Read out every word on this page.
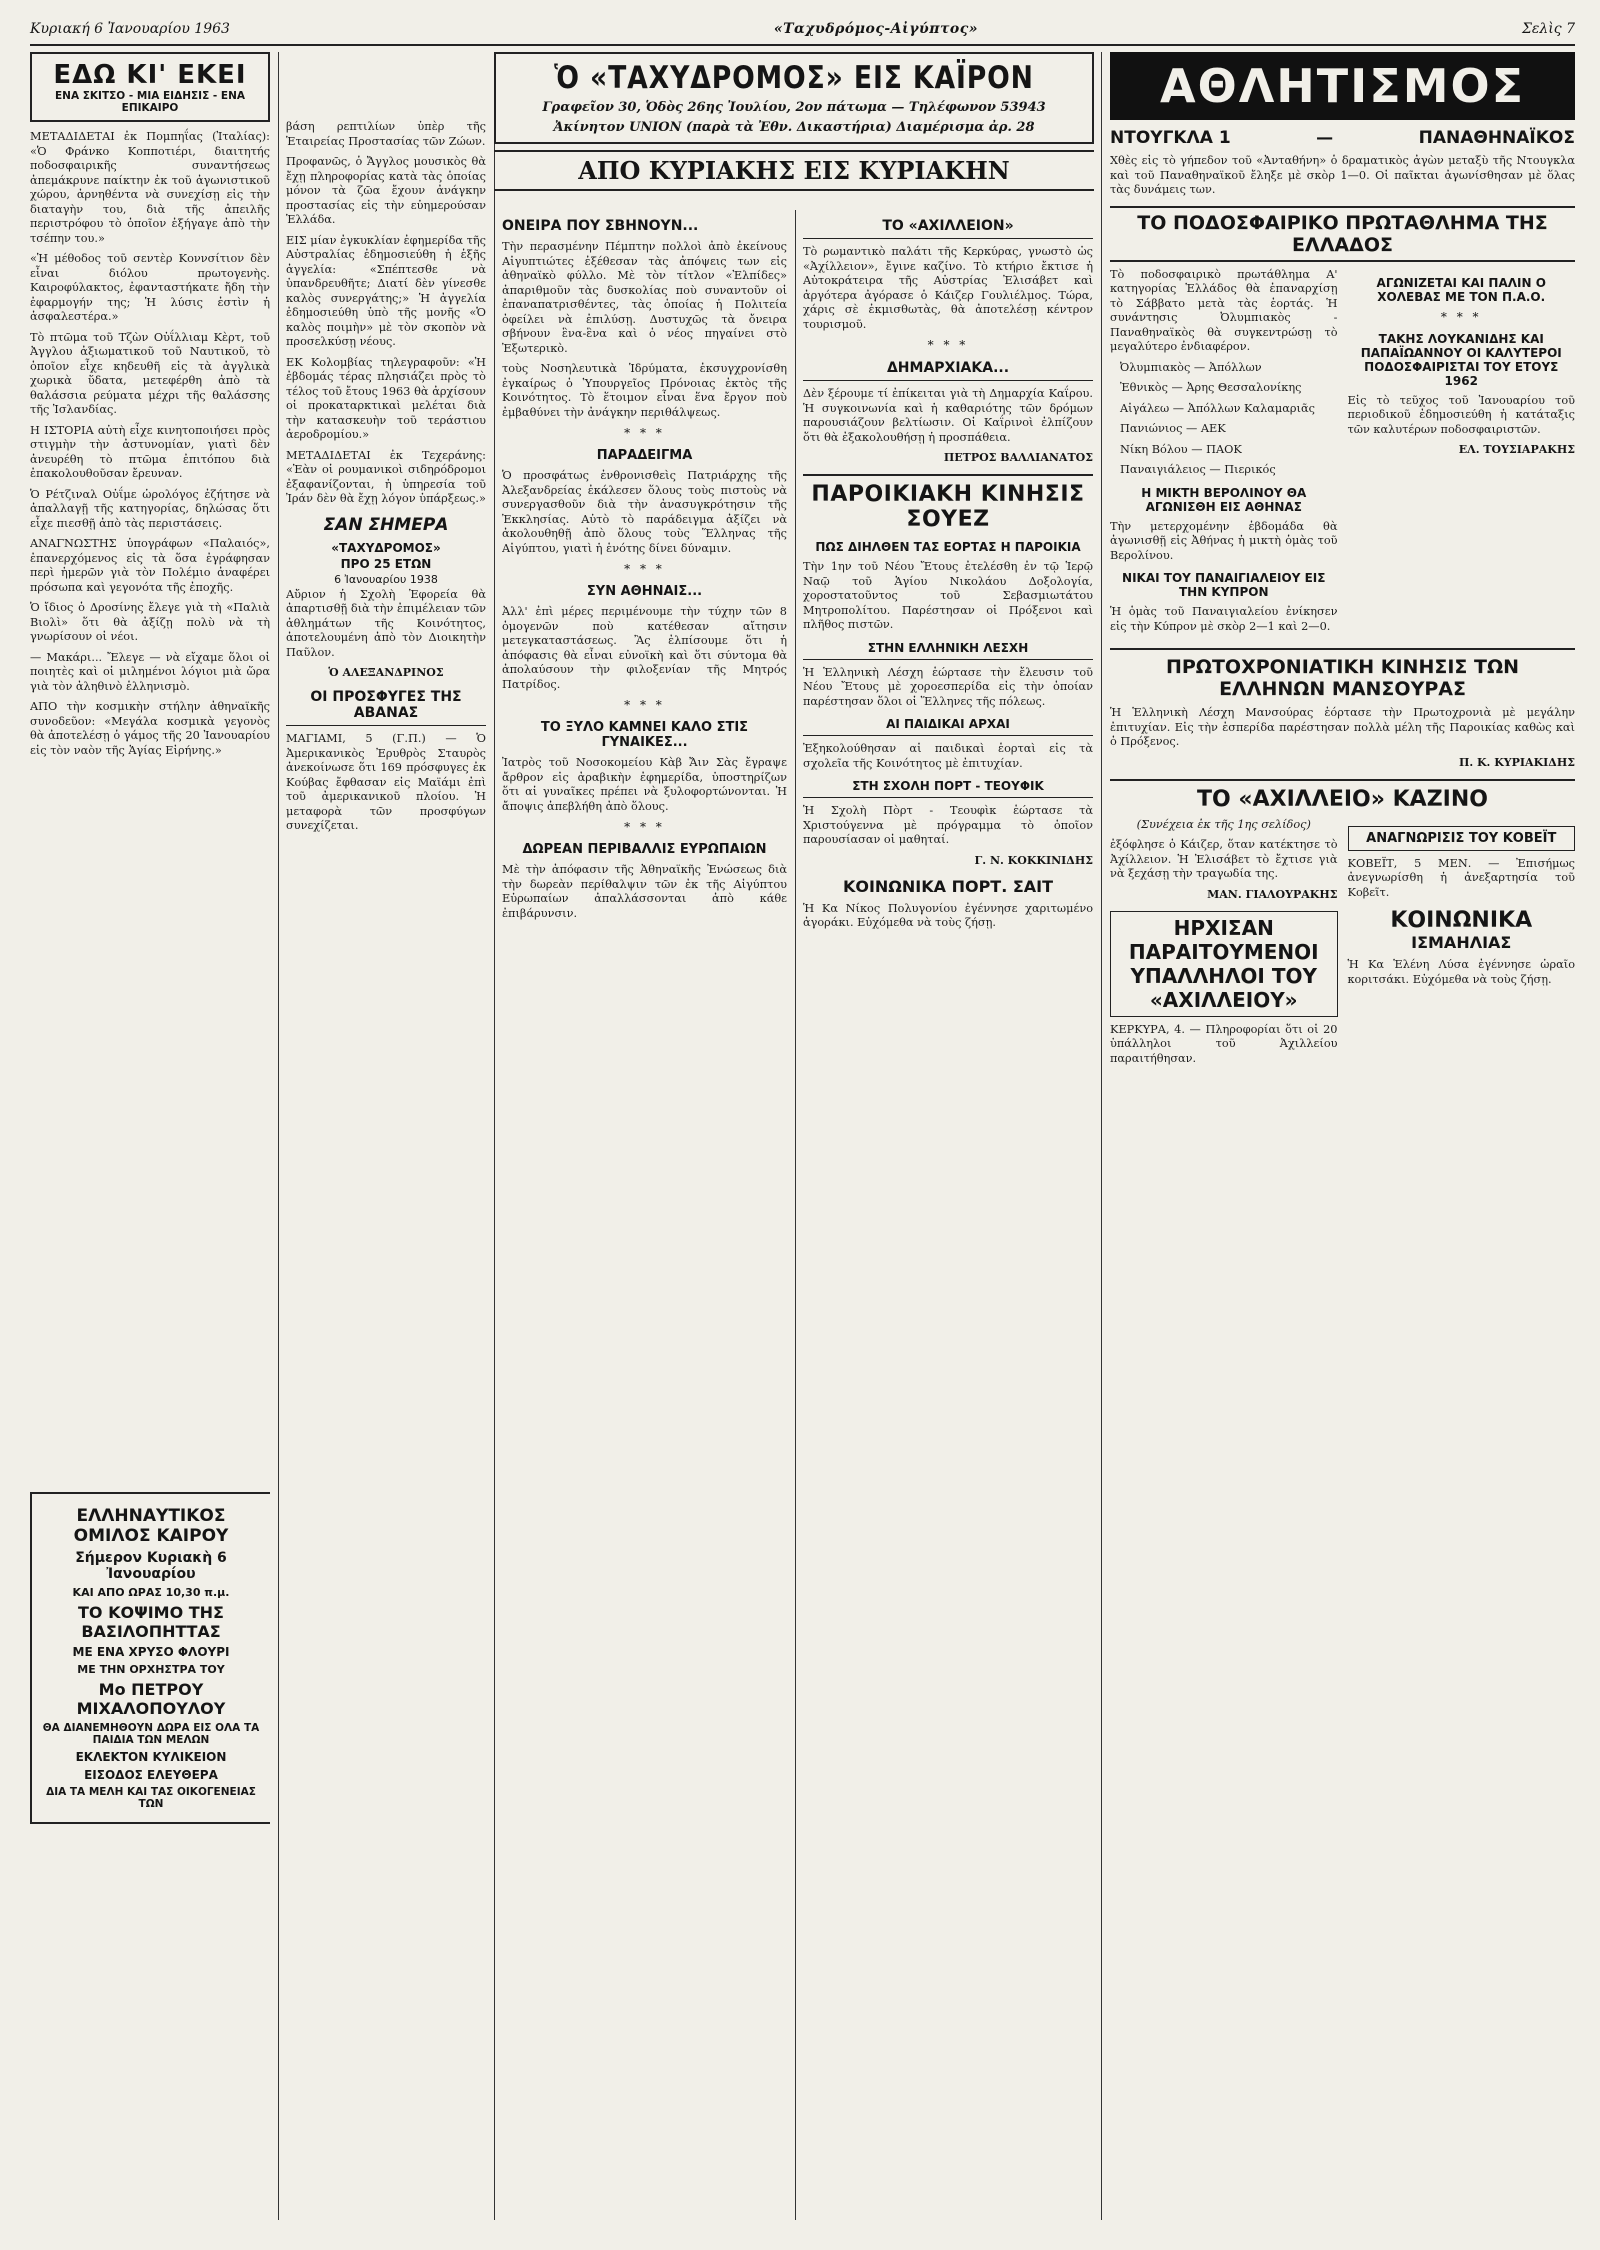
Κυριακή 6 Ἰανουαρίου 1963	«Ταχυδρόμος-Αἰγύπτος»	Σελὶς 7
ΕΔΩ ΚΙ' ΕΚΕΙ
ΕΝΑ ΣΚΙΤΣΟ - ΜΙΑ ΕΙΔΗΣΙΣ - ΕΝΑ ΕΠΙΚΑΙΡΟ

ΜΕΤΑΔΙΔΕΤΑΙ ἐκ Πομπηΐας (Ἰταλίας): «Ὁ Φράνκο Κοπποτιέρι, διαιτητής ποδοσφαιρικῆς συναντήσεως ἀπεμάκρυνε παίκτην ἐκ τοῦ ἀγωνιστικοῦ χώρου, ἀρνηθέντα νὰ συνεχίσῃ εἰς τὴν διαταγὴν του, διὰ τῆς ἀπειλῆς περιστρόφου τὸ ὁποῖον ἐξήγαγε ἀπὸ τὴν τσέπην του.»

«Ἡ μέθοδος τοῦ σεντὲρ Κοννσίτιον δὲν εἶναι διόλου πρωτογενὴς. Καιροφύλακτος, ἐφανταστήκατε ἤδη τὴν ἐφαρμογήν της; Ἡ λύσις ἐστὶν ἡ ἀσφαλεστέρα.»

Τὸ πτῶμα τοῦ Τζὼν Οὐΐλλιαμ Κὲρτ, τοῦ Ἀγγλου ἀξιωματικοῦ τοῦ Ναυτικοῦ, τὸ ὁποῖον εἶχε κηδευθῆ εἰς τὰ ἀγγλικὰ χωρικὰ ὕδατα, μετεφέρθη ἀπὸ τὰ θαλάσσια ρεύματα μέχρι τῆς θαλάσσης τῆς Ἰσλανδίας.

Η ΙΣΤΟΡΙΑ αὐτὴ εἶχε κινητοποιήσει πρὸς στιγμὴν τὴν ἀστυνομίαν, γιατὶ δὲν ἀνευρέθη τὸ πτῶμα ἐπιτόπου διὰ ἐπακολουθοῦσαν ἔρευναν.

Ὁ Ρέτζιναλ Οὐΐμε ὡρολόγος ἐζήτησε νὰ ἀπαλλαγῇ τῆς κατηγορίας, δηλώσας ὅτι εἶχε πιεσθῇ ἀπὸ τὰς περιστάσεις.

ΑΝΑΓΝΩΣΤΗΣ ὑπογράφων «Παλαιός», ἐπανερχόμενος εἰς τὰ ὅσα ἐγράφησαν περὶ ἡμερῶν γιὰ τὸν Πολέμιο ἀναφέρει πρόσωπα καὶ γεγονότα τῆς ἐποχῆς.

Ὁ ἴδιος ὁ Δροσίνης ἔλεγε γιὰ τὴ «Παλιὰ Βιολὶ» ὅτι θὰ ἀξίζῃ πολὺ νὰ τὴ γνωρίσουν οἱ νέοι.

— Μακάρι... Ἔλεγε — νὰ εἴχαμε ὅλοι οἱ ποιητὲς καὶ οἱ μιλημένοι λόγιοι μιὰ ὥρα γιὰ τὸν ἀληθινὸ ἑλληνισμὸ.

ΑΠΟ τὴν κοσμικὴν στήλην ἀθηναϊκῆς συνοδεῦον: «Μεγάλα κοσμικὰ γεγονὸς θὰ ἀποτελέσῃ ὁ γάμος τῆς 20 Ἰανουαρίου εἰς τὸν ναὸν τῆς Ἁγίας Εἰρήνης.»

ΕΛΛΗΝΑΥΤΙΚΟΣ ΟΜΙΛΟΣ ΚΑΙΡΟΥ
Σήμερον Κυριακὴ 6 Ἰανουαρίου
ΚΑΙ ΑΠΟ ΩΡΑΣ 10,30 π.μ.
ΤΟ ΚΟΨΙΜΟ ΤΗΣ ΒΑΣΙΛΟΠΗΤΤΑΣ
ΜΕ ΕΝΑ ΧΡΥΣΟ ΦΛΟΥΡΙ
ΜΕ ΤΗΝ ΟΡΧΗΣΤΡΑ ΤΟΥ
Μο ΠΕΤΡΟΥ ΜΙΧΑΛΟΠΟΥΛΟΥ
ΘΑ ΔΙΑΝΕΜΗΘΟΥΝ ΔΩΡΑ ΕΙΣ ΟΛΑ ΤΑ ΠΑΙΔΙΑ ΤΩΝ ΜΕΛΩΝ
ΕΚΛΕΚΤΟΝ ΚΥΛΙΚΕΙΟΝ
ΕΙΣΟΔΟΣ ΕΛΕΥΘΕΡΑ
ΔΙΑ ΤΑ ΜΕΛΗ ΚΑΙ ΤΑΣ ΟΙΚΟΓΕΝΕΙΑΣ ΤΩΝ

βάση ρεπτιλίων ὑπὲρ τῆς Ἑταιρείας Προστασίας τῶν Ζώων.

Προφανῶς, ὁ Ἄγγλος μουσικὸς θὰ ἔχῃ πληροφορίας κατὰ τὰς ὁποίας μόνον τὰ ζῶα ἔχουν ἀνάγκην προστασίας εἰς τὴν εὐημερούσαν Ἑλλάδα.

ΕΙΣ μίαν ἐγκυκλίαν ἐφημερίδα τῆς Αὐστραλίας ἐδημοσιεύθη ἡ ἑξῆς ἀγγελία: «Σπέπτεσθε νὰ ὑπανδρευθῆτε; Διατί δὲν γίνεσθε καλὸς συνεργάτης;» Ἡ ἀγγελία ἐδημοσιεύθη ὑπὸ τῆς μονῆς «Ὁ καλὸς ποιμὴν» μὲ τὸν σκοπὸν νὰ προσελκύσῃ νέους.

ΕΚ Κολομβίας τηλεγραφοῦν: «Ἡ ἐβδομάς τέρας πλησιάζει πρὸς τὸ τέλος τοῦ ἔτους 1963 θὰ ἀρχίσουν οἱ προκαταρκτικαὶ μελέται διὰ τὴν κατασκευὴν τοῦ τεράστιου ἀεροδρομίου.»

ΜΕΤΑΔΙΔΕΤΑΙ ἐκ Τεχεράνης: «Ἐὰν οἱ ρουμανικοὶ σιδηρόδρομοι ἐξαφανίζονται, ἡ ὑπηρεσία τοῦ Ἰράν δὲν θὰ ἔχῃ λόγον ὑπάρξεως.»

ΣΑΝ ΣΗΜΕΡΑ
«ΤΑΧΥΔΡΟΜΟΣ»
ΠΡΟ 25 ΕΤΩΝ
6 Ἰανουαρίου 1938

Αὔριον ἡ Σχολὴ Ἐφορεία θὰ ἀπαρτισθῇ διὰ τὴν ἐπιμέλειαν τῶν ἀθλημάτων τῆς Κοινότητος, ἀποτελουμένη ἀπὸ τὸν Διοικητὴν Παῦλον.

Ὁ ΑΛΕΞΑΝΔΡΙΝΟΣ
ΟΙ ΠΡΟΣΦΥΓΕΣ ΤΗΣ ΑΒΑΝΑΣ

ΜΑΓΙΑΜΙ, 5 (Γ.Π.) — Ὁ Ἀμερικανικὸς Ἐρυθρὸς Σταυρὸς ἀνεκοίνωσε ὅτι 169 πρόσφυγες ἐκ Κούβας ἔφθασαν εἰς Μαϊάμι ἐπὶ τοῦ ἀμερικανικοῦ πλοίου. Ἡ μεταφορὰ τῶν προσφύγων συνεχίζεται.

Ὁ «ΤΑΧΥΔΡΟΜΟΣ» ΕΙΣ ΚΑΪΡΟΝ
Γραφεῖον 30, Ὁδὸς 26ης Ἰουλίου, 2ον πάτωμα — Τηλέφωνον 53943
Ἀκίνητον UNION (παρὰ τὰ Ἐθν. Δικαστήρια) Διαμέρισμα ἀρ. 28
ΑΠΟ ΚΥΡΙΑΚΗΣ ΕΙΣ ΚΥΡΙΑΚΗΝ
ΟΝΕΙΡΑ ΠΟΥ ΣΒΗΝΟΥΝ...

Τὴν περασμένην Πέμπτην πολλοὶ ἀπὸ ἐκείνους Αἰγυπτιώτες ἐξέθεσαν τὰς ἀπόψεις των εἰς ἀθηναϊκὸ φύλλο. Μὲ τὸν τίτλον «Ἐλπίδες» ἀπαριθμοῦν τὰς δυσκολίας ποὺ συναντοῦν οἱ ἐπαναπατρισθέντες, τὰς ὁποίας ἡ Πολιτεία ὀφείλει νὰ ἐπιλύσῃ. Δυστυχῶς τὰ ὄνειρα σβήνουν ἓνα-ἓνα καὶ ὁ νέος πηγαίνει στὸ Ἐξωτερικὸ.

τοὺς Νοσηλευτικὰ Ἱδρύματα, ἐκσυγχρονίσθη ἐγκαίρως ὁ Ὑπουργεῖος Πρόνοιας ἐκτὸς τῆς Κοινότητος. Τὸ ἕτοιμον εἶναι ἕνα ἔργον ποὺ ἐμβαθύνει τὴν ἀνάγκην περιθάλψεως.

* * *
ΠΑΡΑΔΕΙΓΜΑ

Ὁ προσφάτως ἐνθρονισθεὶς Πατριάρχης τῆς Ἀλεξανδρείας ἐκάλεσεν ὅλους τοὺς πιστοὺς νὰ συνεργασθοῦν διὰ τὴν ἀνασυγκρότησιν τῆς Ἐκκλησίας. Αὐτὸ τὸ παράδειγμα ἀξίζει νὰ ἀκολουθηθῇ ἀπὸ ὅλους τοὺς Ἕλληνας τῆς Αἰγύπτου, γιατὶ ἡ ἑνότης δίνει δύναμιν.

* * *
ΣΥΝ ΑΘΗΝΑΙΣ...

Ἀλλ' ἐπὶ μέρες περιμένουμε τὴν τύχην τῶν 8 ὁμογενῶν ποὺ κατέθεσαν αἴτησιν μετεγκαταστάσεως. Ἂς ἐλπίσουμε ὅτι ἡ ἀπόφασις θὰ εἶναι εὐνοϊκὴ καὶ ὅτι σύντομα θὰ ἀπολαύσουν τὴν φιλοξενίαν τῆς Μητρός Πατρίδος.

* * *
ΤΟ ΞΥΛΟ ΚΑΜΝΕΙ ΚΑΛΟ ΣΤΙΣ ΓΥΝΑΙΚΕΣ...

Ἰατρὸς τοῦ Νοσοκομείου Κὰβ Ἄιν Σὰς ἔγραψε ἄρθρον εἰς ἀραβικὴν ἐφημερίδα, ὑποστηρίζων ὅτι αἱ γυναῖκες πρέπει νὰ ξυλοφορτώνονται. Ἡ ἄποψις ἀπεβλήθη ἀπὸ ὅλους.

* * *
ΔΩΡΕΑΝ ΠΕΡΙΒΑΛΛΙΣ ΕΥΡΩΠΑΙΩΝ

Μὲ τὴν ἀπόφασιν τῆς Ἀθηναϊκῆς Ἐνώσεως διὰ τὴν δωρεὰν περίθαλψιν τῶν ἐκ τῆς Αἰγύπτου Εὐρωπαίων ἀπαλλάσσονται ἀπὸ κάθε ἐπιβάρυνσιν.

ΤΟ «ΑΧΙΛΛΕΙΟΝ»

Τὸ ρωμαντικὸ παλάτι τῆς Κερκύρας, γνωστὸ ὡς «Ἀχίλλειον», ἔγινε καζίνο. Τὸ κτήριο ἔκτισε ἡ Αὐτοκράτειρα τῆς Αὐστρίας Ἐλισάβετ καὶ ἀργότερα ἀγόρασε ὁ Κάιζερ Γουλιέλμος. Τώρα, χάρις σὲ ἐκμισθωτὰς, θὰ ἀποτελέσῃ κέντρον τουρισμοῦ.

* * *
ΔΗΜΑΡΧΙΑΚΑ...

Δὲν ξέρουμε τί ἐπίκειται γιὰ τὴ Δημαρχία Καΐρου. Ἡ συγκοινωνία καὶ ἡ καθαριότης τῶν δρόμων παρουσιάζουν βελτίωσιν. Οἱ Καΐρινοὶ ἐλπίζουν ὅτι θὰ ἐξακολουθήσῃ ἡ προσπάθεια.

ΠΕΤΡΟΣ ΒΑΛΛΙΑΝΑΤΟΣ
ΠΑΡΟΙΚΙΑΚΗ ΚΙΝΗΣΙΣ ΣΟΥΕΖ
ΠΩΣ ΔΙΗΛΘΕΝ ΤΑΣ ΕΟΡΤΑΣ Η ΠΑΡΟΙΚΙΑ

Τὴν 1ην τοῦ Νέου Ἔτους ἐτελέσθη ἐν τῷ Ἱερῷ Ναῷ τοῦ Ἁγίου Νικολάου Δοξολογία, χοροστατοῦντος τοῦ Σεβασμιωτάτου Μητροπολίτου. Παρέστησαν οἱ Πρόξενοι καὶ πλῆθος πιστῶν.

ΣΤΗΝ ΕΛΛΗΝΙΚΗ ΛΕΣΧΗ

Ἡ Ἑλληνικὴ Λέσχη ἑώρτασε τὴν ἔλευσιν τοῦ Νέου Ἔτους μὲ χοροεσπερίδα εἰς τὴν ὁποίαν παρέστησαν ὅλοι οἱ Ἕλληνες τῆς πόλεως.

ΑΙ ΠΑΙΔΙΚΑΙ ΑΡΧΑΙ

Ἐξηκολούθησαν αἱ παιδικαὶ ἑορταὶ εἰς τὰ σχολεῖα τῆς Κοινότητος μὲ ἐπιτυχίαν.

ΣΤΗ ΣΧΟΛΗ ΠΟΡΤ - ΤΕΟΥΦΙΚ

Ἡ Σχολὴ Πὸρτ - Τεουφὶκ ἑώρτασε τὰ Χριστούγεννα μὲ πρόγραμμα τὸ ὁποῖον παρουσίασαν οἱ μαθηταί.

Γ. Ν. ΚΟΚΚΙΝΙΔΗΣ
ΚΟΙΝΩΝΙΚΑ ΠΟΡΤ. ΣΑΙΤ

Ἡ Κα Νίκος Πολυγονίου ἐγέννησε χαριτωμένο ἀγοράκι. Εὐχόμεθα νὰ τοὺς ζήσῃ.

ΑΘΛΗΤΙΣΜΟΣ
ΝΤΟΥΓΚΛΑ 1	—	ΠΑΝΑΘΗΝΑΪΚΟΣ

Χθὲς εἰς τὸ γήπεδον τοῦ «Ἀνταθήνη» ὁ δραματικὸς ἀγὼν μεταξὺ τῆς Ντουγκλα καὶ τοῦ Παναθηναϊκοῦ ἔληξε μὲ σκὸρ 1—0. Οἱ παῖκται ἀγωνίσθησαν μὲ ὅλας τὰς δυνάμεις των.

ΤΟ ΠΟΔΟΣΦΑΙΡΙΚΟ ΠΡΩΤΑΘΛΗΜΑ ΤΗΣ ΕΛΛΑΔΟΣ

Τὸ ποδοσφαιρικὸ πρωτάθλημα Α' κατηγορίας Ἑλλάδος θὰ ἐπαναρχίσῃ τὸ Σάββατο μετὰ τὰς ἑορτάς. Ἡ συνάντησις Ὀλυμπιακὸς - Παναθηναϊκὸς θὰ συγκεντρώσῃ τὸ μεγαλύτερο ἐνδιαφέρον.

Ὀλυμπιακὸς — Ἀπόλλων
Ἐθνικὸς — Ἀρης Θεσσαλονίκης
Αἰγάλεω — Ἀπόλλων Καλαμαριᾶς
Πανιώνιος — ΑΕΚ
Νίκη Βόλου — ΠΑΟΚ
Παναιγιάλειος — Πιερικός
Η ΜΙΚΤΗ ΒΕΡΟΛΙΝΟΥ ΘΑ ΑΓΩΝΙΣΘΗ ΕΙΣ ΑΘΗΝΑΣ

Τὴν μετερχομένην ἑβδομάδα θὰ ἀγωνισθῇ εἰς Ἀθήνας ἡ μικτὴ ὁμὰς τοῦ Βερολίνου.

ΝΙΚΑΙ ΤΟΥ ΠΑΝΑΙΓΙΑΛΕΙΟΥ ΕΙΣ ΤΗΝ ΚΥΠΡΟΝ

Ἡ ὁμὰς τοῦ Παναιγιαλείου ἐνίκησεν εἰς τὴν Κύπρον μὲ σκὸρ 2—1 καὶ 2—0.

ΑΓΩΝΙΖΕΤΑΙ ΚΑΙ ΠΑΛΙΝ Ο ΧΟΛΕΒΑΣ ΜΕ ΤΟΝ Π.Α.Ο.
* * *
ΤΑΚΗΣ ΛΟΥΚΑΝΙΔΗΣ ΚΑΙ ΠΑΠΑΪΩΑΝΝΟΥ ΟΙ ΚΑΛΥΤΕΡΟΙ ΠΟΔΟΣΦΑΙΡΙΣΤΑΙ ΤΟΥ ΕΤΟΥΣ 1962

Εἰς τὸ τεῦχος τοῦ Ἰανουαρίου τοῦ περιοδικοῦ ἐδημοσιεύθη ἡ κατάταξις τῶν καλυτέρων ποδοσφαιριστῶν.

ΕΛ. ΤΟΥΣΙΑΡΑΚΗΣ
ΠΡΩΤΟΧΡΟΝΙΑΤΙΚΗ ΚΙΝΗΣΙΣ ΤΩΝ ΕΛΛΗΝΩΝ ΜΑΝΣΟΥΡΑΣ

Ἡ Ἑλληνικὴ Λέσχη Μανσούρας ἑόρτασε τὴν Πρωτοχρονιὰ μὲ μεγάλην ἐπιτυχίαν. Εἰς τὴν ἑσπερίδα παρέστησαν πολλὰ μέλη τῆς Παροικίας καθὼς καὶ ὁ Πρόξενος.

Π. Κ. ΚΥΡΙΑΚΙΔΗΣ
ΤΟ «ΑΧΙΛΛΕΙΟ» ΚΑΖΙΝΟ
(Συνέχεια ἐκ τῆς 1ης σελίδος)

ἐξόφλησε ὁ Κάιζερ, ὅταν κατέκτησε τὸ Ἀχίλλειον. Ἡ Ἐλισάβετ τὸ ἔχτισε γιὰ νὰ ξεχάσῃ τὴν τραγωδία της.

ΜΑΝ. ΓΙΑΛΟΥΡΑΚΗΣ
ΗΡΧΙΣΑΝ ΠΑΡΑΙΤΟΥΜΕΝΟΙ ΥΠΑΛΛΗΛΟΙ ΤΟΥ «ΑΧΙΛΛΕΙΟΥ»

ΚΕΡΚΥΡΑ, 4. — Πληροφορίαι ὅτι οἱ 20 ὑπάλληλοι τοῦ Ἀχιλλείου παραιτήθησαν.

ΑΝΑΓΝΩΡΙΣΙΣ ΤΟΥ ΚΟΒΕΪΤ

ΚΟΒΕΪΤ, 5 ΜΕΝ. — Ἐπισήμως ἀνεγνωρίσθη ἡ ἀνεξαρτησία τοῦ Κοβεῖτ.

ΚΟΙΝΩΝΙΚΑ
ΙΣΜΑΗΛΙΑΣ

Ἡ Κα Ἑλένη Λύσα ἐγέννησε ὡραῖο κοριτσάκι. Εὐχόμεθα νὰ τοὺς ζήσῃ.
